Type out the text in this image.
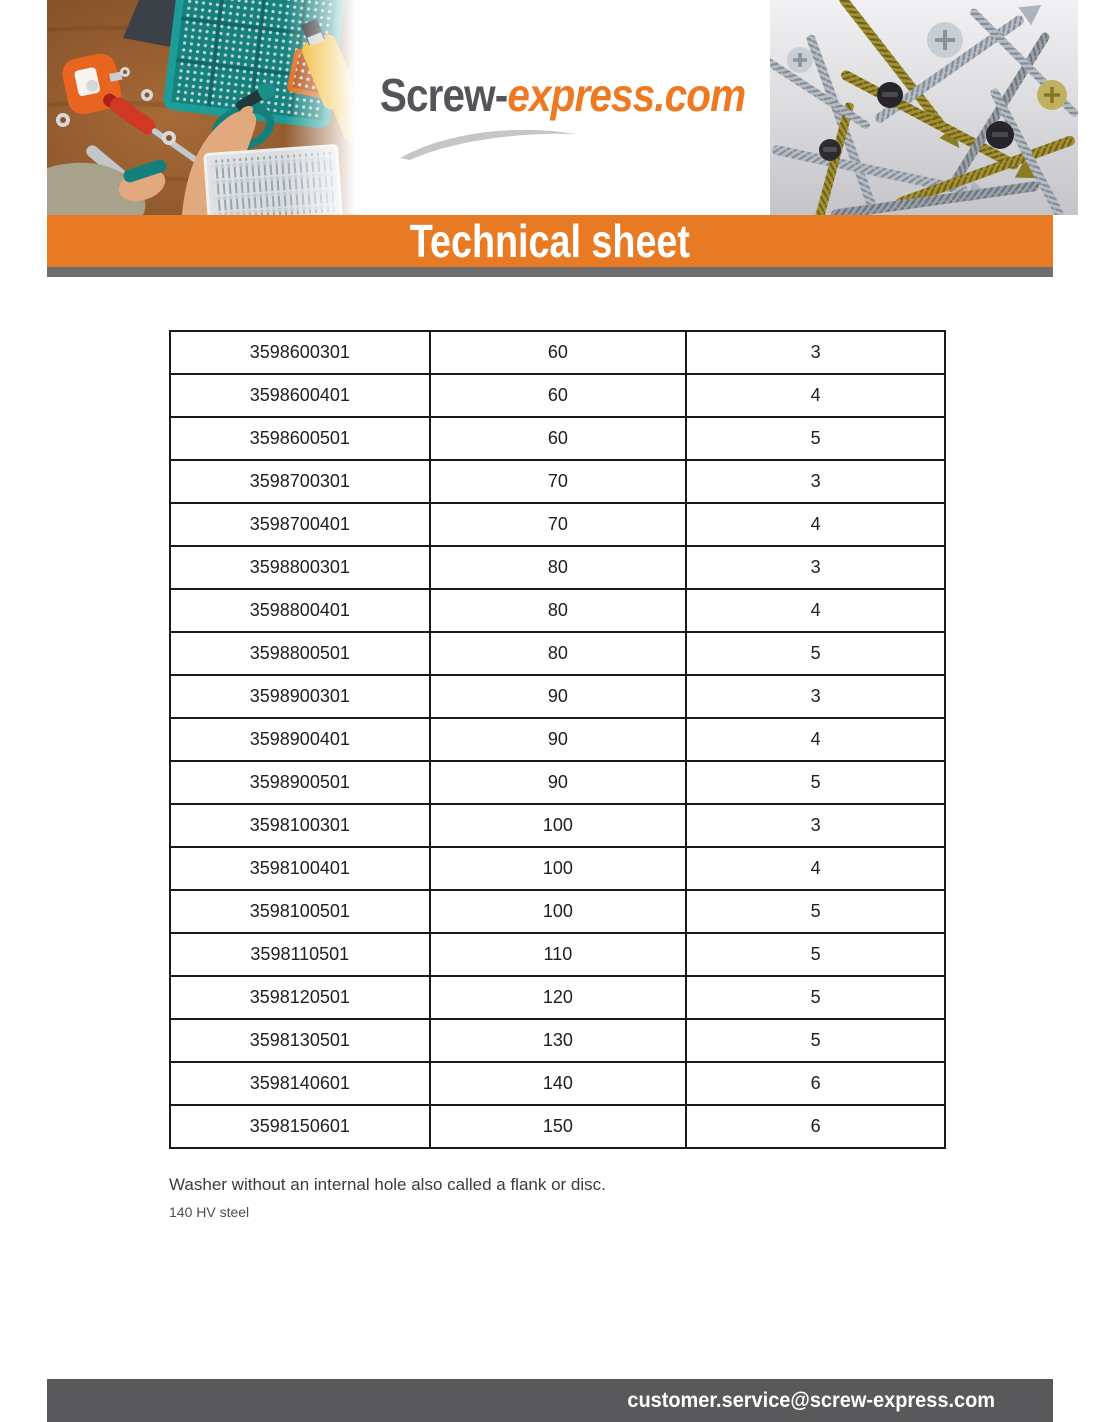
Screw-express.com
Technical sheet
3598600301	60	3
3598600401	60	4
3598600501	60	5
3598700301	70	3
3598700401	70	4
3598800301	80	3
3598800401	80	4
3598800501	80	5
3598900301	90	3
3598900401	90	4
3598900501	90	5
3598100301	100	3
3598100401	100	4
3598100501	100	5
3598110501	110	5
3598120501	120	5
3598130501	130	5
3598140601	140	6
3598150601	150	6

Washer without an internal hole also called a flank or disc.

140 HV steel

customer.service@screw-express.com
